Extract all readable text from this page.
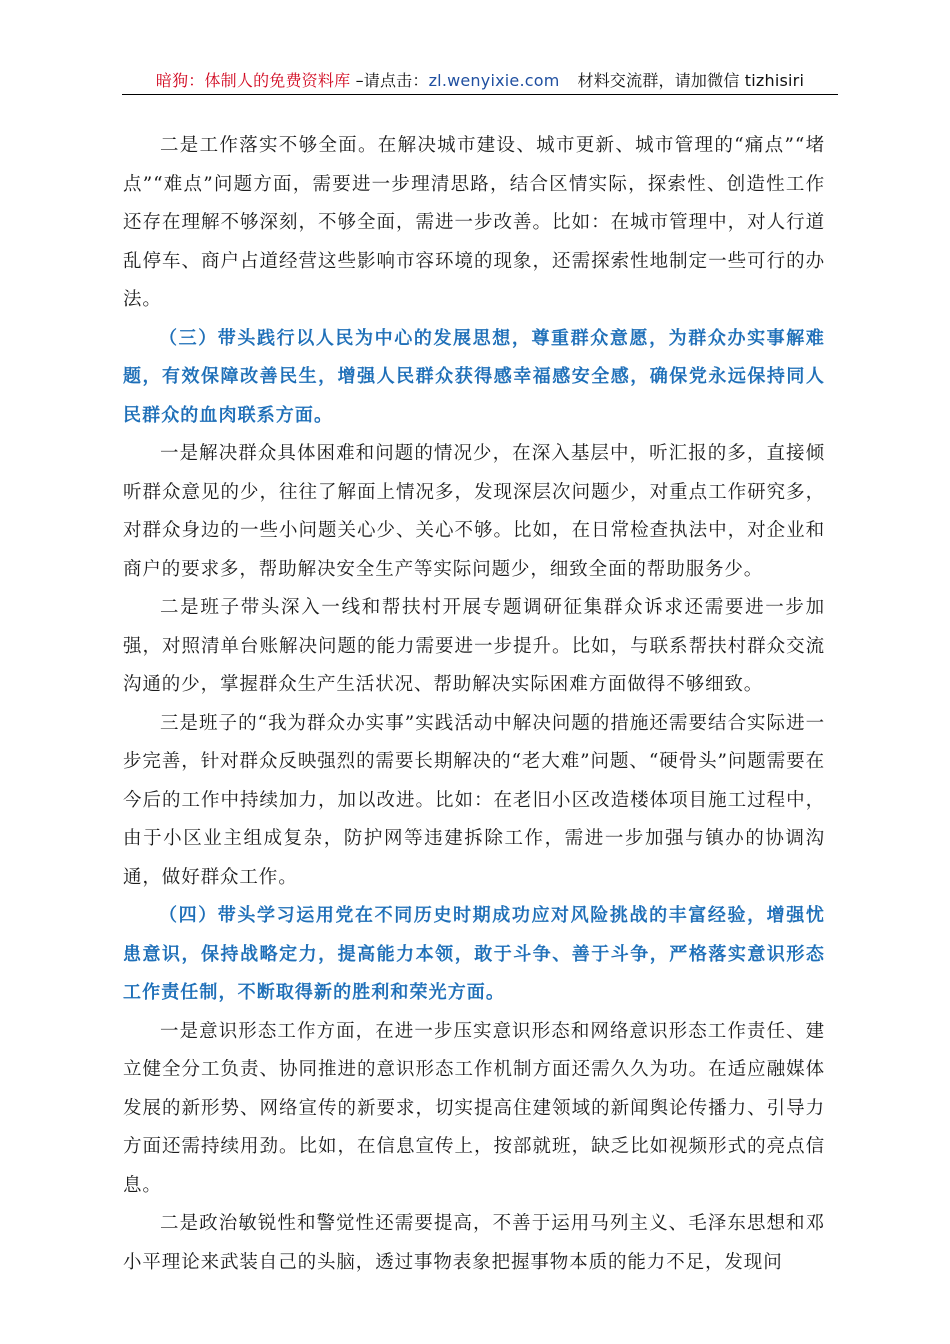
暗狗：体制人的免费资料库 –请点击：zl.wenyixie.com 材料交流群，请加微信 tizhisiri

二是工作落实不够全面。在解决城市建设、城市更新、城市管理的“痛点”“堵点”“难点”问题方面，需要进一步理清思路，结合区情实际，探索性、创造性工作还存在理解不够深刻，不够全面，需进一步改善。比如：在城市管理中，对人行道乱停车、商户占道经营这些影响市容环境的现象，还需探索性地制定一些可行的办法。

（三）带头践行以人民为中心的发展思想，尊重群众意愿，为群众办实事解难题，有效保障改善民生，增强人民群众获得感幸福感安全感，确保党永远保持同人民群众的血肉联系方面。

一是解决群众具体困难和问题的情况少，在深入基层中，听汇报的多，直接倾听群众意见的少，往往了解面上情况多，发现深层次问题少，对重点工作研究多，对群众身边的一些小问题关心少、关心不够。比如，在日常检查执法中，对企业和商户的要求多，帮助解决安全生产等实际问题少，细致全面的帮助服务少。

二是班子带头深入一线和帮扶村开展专题调研征集群众诉求还需要进一步加强，对照清单台账解决问题的能力需要进一步提升。比如，与联系帮扶村群众交流沟通的少，掌握群众生产生活状况、帮助解决实际困难方面做得不够细致。

三是班子的“我为群众办实事”实践活动中解决问题的措施还需要结合实际进一步完善，针对群众反映强烈的需要长期解决的“老大难”问题、“硬骨头”问题需要在今后的工作中持续加力，加以改进。比如：在老旧小区改造楼体项目施工过程中，由于小区业主组成复杂，防护网等违建拆除工作，需进一步加强与镇办的协调沟通，做好群众工作。

（四）带头学习运用党在不同历史时期成功应对风险挑战的丰富经验，增强忧患意识，保持战略定力，提高能力本领，敢于斗争、善于斗争，严格落实意识形态工作责任制，不断取得新的胜利和荣光方面。

一是意识形态工作方面，在进一步压实意识形态和网络意识形态工作责任、建立健全分工负责、协同推进的意识形态工作机制方面还需久久为功。在适应融媒体发展的新形势、网络宣传的新要求，切实提高住建领域的新闻舆论传播力、引导力方面还需持续用劲。比如，在信息宣传上，按部就班，缺乏比如视频形式的亮点信息。

二是政治敏锐性和警觉性还需要提高，不善于运用马列主义、毛泽东思想和邓小平理论来武装自己的头脑，透过事物表象把握事物本质的能力不足，发现问
